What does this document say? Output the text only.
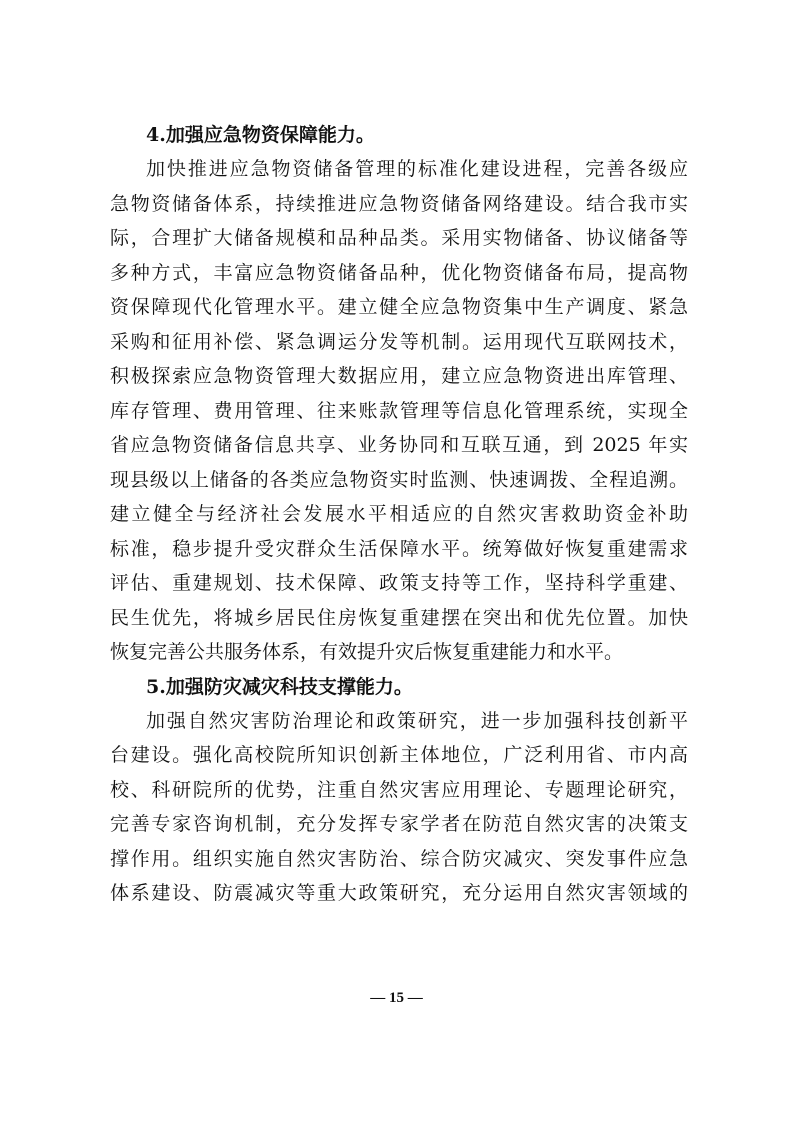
4.加强应急物资保障能力。
加快推进应急物资储备管理的标准化建设进程，完善各级应
急物资储备体系，持续推进应急物资储备网络建设。结合我市实
际，合理扩大储备规模和品种品类。采用实物储备、协议储备等
多种方式，丰富应急物资储备品种，优化物资储备布局，提高物
资保障现代化管理水平。建立健全应急物资集中生产调度、紧急
采购和征用补偿、紧急调运分发等机制。运用现代互联网技术，
积极探索应急物资管理大数据应用，建立应急物资进出库管理、
库存管理、费用管理、往来账款管理等信息化管理系统，实现全
省应急物资储备信息共享、业务协同和互联互通，到 2025 年实
现县级以上储备的各类应急物资实时监测、快速调拨、全程追溯。
建立健全与经济社会发展水平相适应的自然灾害救助资金补助
标准，稳步提升受灾群众生活保障水平。统筹做好恢复重建需求
评估、重建规划、技术保障、政策支持等工作，坚持科学重建、
民生优先，将城乡居民住房恢复重建摆在突出和优先位置。加快
恢复完善公共服务体系，有效提升灾后恢复重建能力和水平。
5.加强防灾减灾科技支撑能力。
加强自然灾害防治理论和政策研究，进一步加强科技创新平
台建设。强化高校院所知识创新主体地位，广泛利用省、市内高
校、科研院所的优势，注重自然灾害应用理论、专题理论研究，
完善专家咨询机制，充分发挥专家学者在防范自然灾害的决策支
撑作用。组织实施自然灾害防治、综合防灾减灾、突发事件应急
体系建设、防震减灾等重大政策研究，充分运用自然灾害领域的
— 15 —
